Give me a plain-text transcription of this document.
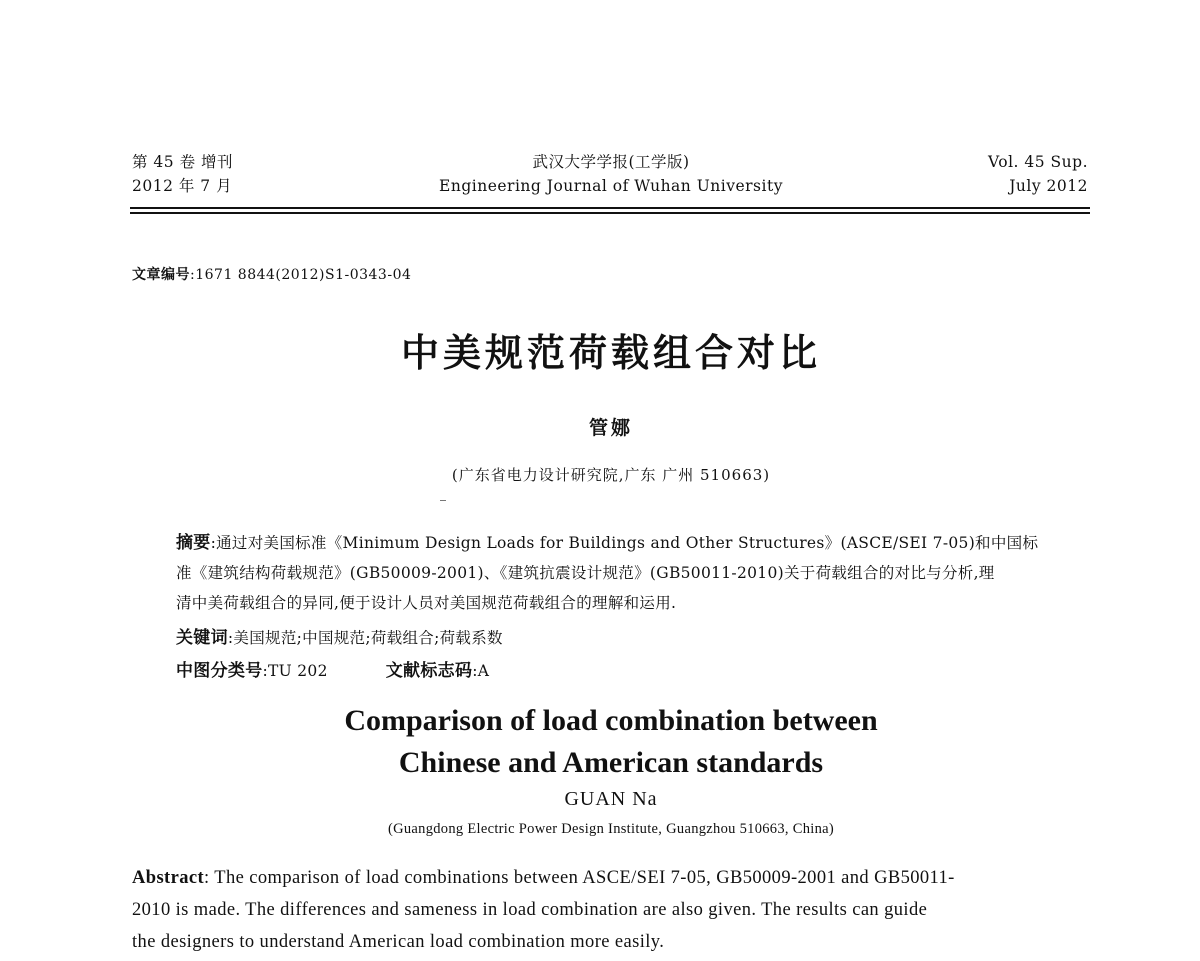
第 45 卷 增刊
2012 年 7 月
武汉大学学报(工学版)
Engineering Journal of Wuhan University
Vol. 45 Sup.
July 2012
文章编号:1671 8844(2012)S1-0343-04
中美规范荷载组合对比
管娜
(广东省电力设计研究院,广东 广州 510663)

摘要:通过对美国标准《Minimum Design Loads for Buildings and Other Structures》(ASCE/SEI 7-05)和中国标

准《建筑结构荷载规范》(GB50009-2001)、《建筑抗震设计规范》(GB50011-2010)关于荷载组合的对比与分析,理

清中美荷载组合的异同,便于设计人员对美国规范荷载组合的理解和运用.

关键词:美国规范;中国规范;荷载组合;荷载系数
中图分类号:TU 202	文献标志码:A
Comparison of load combination between
Chinese and American standards
GUAN Na
(Guangdong Electric Power Design Institute, Guangzhou 510663, China)

Abstract: The comparison of load combinations between ASCE/SEI 7-05, GB50009-2001 and GB50011-

2010 is made. The differences and sameness in load combination are also given. The results can guide

the designers to understand American load combination more easily.
